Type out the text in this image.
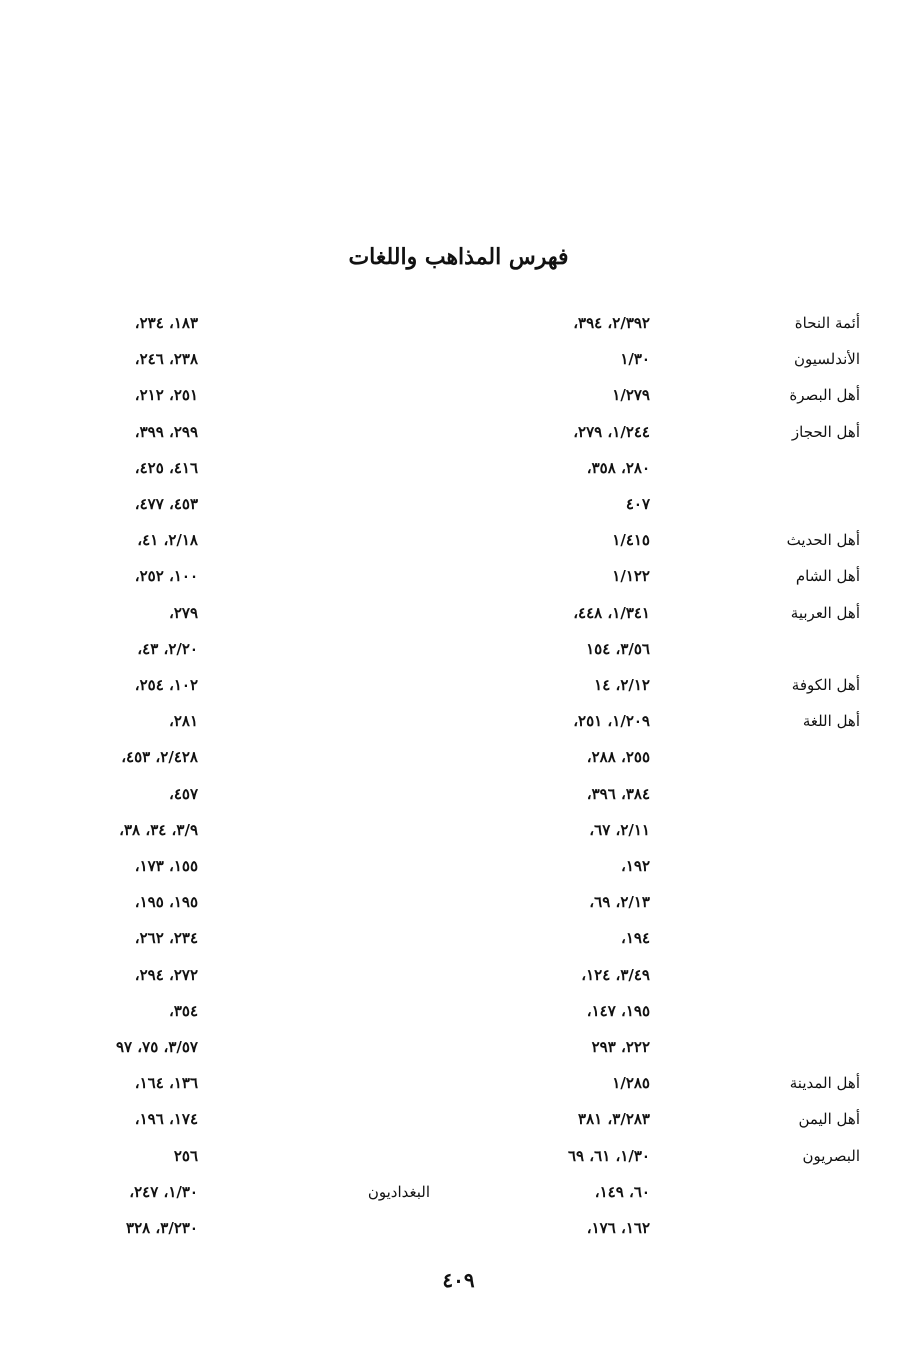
فهرس المذاهب واللغات
أئمة النحاة
٢/٣٩٢، ٣٩٤،
الأندلسيون
١/٣٠
أهل البصرة
١/٢٧٩
أهل الحجاز
١/٢٤٤، ٢٧٩،
٢٨٠، ٣٥٨،
٤٠٧
أهل الحديث
١/٤١٥
أهل الشام
١/١٢٢
أهل العربية
١/٣٤١، ٤٤٨،
٣/٥٦، ١٥٤
أهل الكوفة
٢/١٢، ١٤
أهل اللغة
١/٢٠٩، ٢٥١،
٢٥٥، ٢٨٨،
٣٨٤، ٣٩٦،
٢/١١، ٦٧،
١٩٢،
٢/١٣، ٦٩،
١٩٤،
٣/٤٩، ١٢٤،
١٩٥، ١٤٧،
٢٢٢، ٢٩٣
أهل المدينة
١/٢٨٥
أهل اليمن
٣/٢٨٣، ٣٨١
البصريون
١/٣٠، ٦١، ٦٩
٦٠، ١٤٩،
١٦٢، ١٧٦،
١٨٣، ٢٣٤،
٢٣٨، ٢٤٦،
٢٥١، ٢١٢،
٢٩٩، ٣٩٩،
٤١٦، ٤٢٥،
٤٥٣، ٤٧٧،
٢/١٨، ٤١،
١٠٠، ٢٥٢،
٢٧٩،
٢/٢٠، ٤٣،
١٠٢، ٢٥٤،
٢٨١،
٢/٤٢٨، ٤٥٣،
٤٥٧،
٣/٩، ٣٤، ٣٨،
١٥٥، ١٧٣،
١٩٥، ١٩٥،
٢٣٤، ٢٦٢،
٢٧٢، ٢٩٤،
٣٥٤،
٣/٥٧، ٧٥، ٩٧
١٣٦، ١٦٤،
١٧٤، ١٩٦،
٢٥٦
البغداديون
١/٣٠، ٢٤٧،
٣/٢٣٠، ٣٢٨
٤٠٩
